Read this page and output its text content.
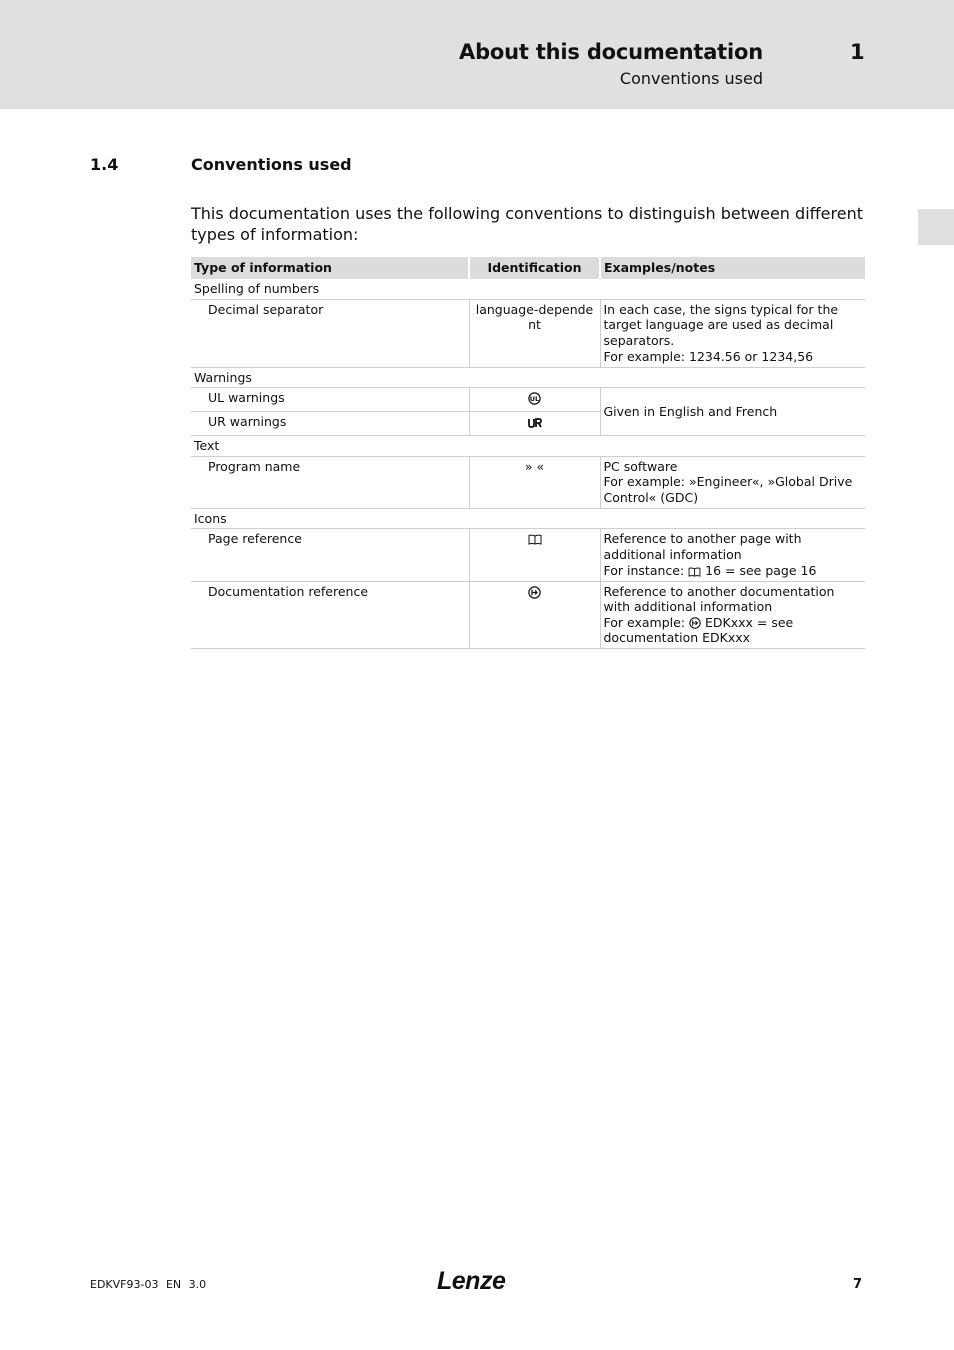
About this documentation	1
Conventions used
1.4	Conventions used

This documentation uses the following conventions to distinguish between different types of information:

Type of information	Identification	Examples/notes
Spelling of numbers		
Decimal separator	language-dependent	In each case, the signs typical for the target language are used as decimal separators.
For example: 1234.56 or 1234,56

Warnings		
UL warnings	UL	Given in English and French
UR warnings	
Text		
Program name	» «	PC software
For example: »Engineer«, »Global Drive Control« (GDC)

Icons		
Page reference		Reference to another page with additional information
For instance: 16 = see page 16

Documentation reference		Reference to another documentation with additional information
For example: EDKxxx = see documentation EDKxxx
EDKVF93-03 EN 3.0	Lenze	7
